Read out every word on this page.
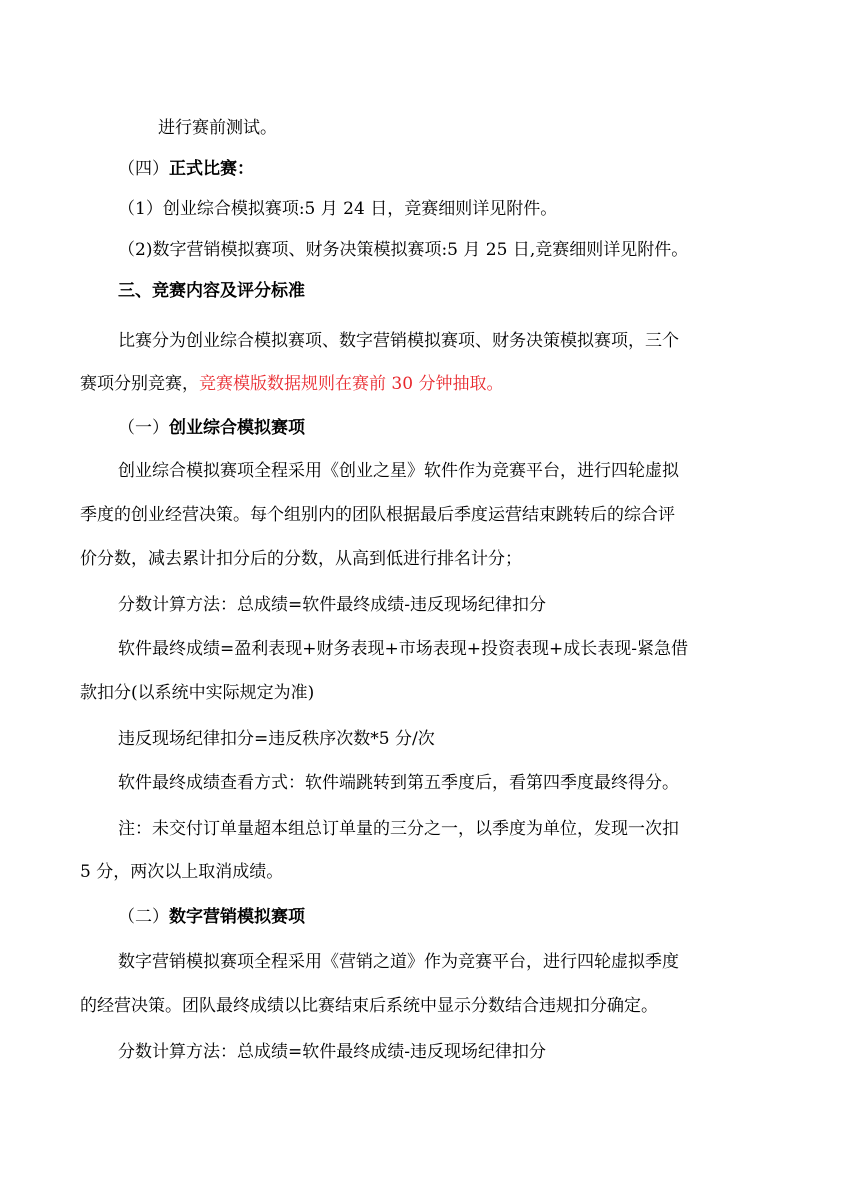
进行赛前测试。
（四）正式比赛：
（1）创业综合模拟赛项:5 月 24 日，竞赛细则详见附件。
（2)数字营销模拟赛项、财务决策模拟赛项:5 月 25 日,竞赛细则详见附件。
三、竞赛内容及评分标准
比赛分为创业综合模拟赛项、数字营销模拟赛项、财务决策模拟赛项，三个
赛项分别竞赛，竞赛模版数据规则在赛前 30 分钟抽取。
（一）创业综合模拟赛项
创业综合模拟赛项全程采用《创业之星》软件作为竞赛平台，进行四轮虚拟
季度的创业经营决策。每个组别内的团队根据最后季度运营结束跳转后的综合评
价分数，减去累计扣分后的分数，从高到低进行排名计分；
分数计算方法：总成绩=软件最终成绩-违反现场纪律扣分
软件最终成绩=盈利表现+财务表现+市场表现+投资表现+成长表现-紧急借
款扣分(以系统中实际规定为准)
违反现场纪律扣分=违反秩序次数*5 分/次
软件最终成绩查看方式：软件端跳转到第五季度后，看第四季度最终得分。
注：未交付订单量超本组总订单量的三分之一，以季度为单位，发现一次扣
5 分，两次以上取消成绩。
（二）数字营销模拟赛项
数字营销模拟赛项全程采用《营销之道》作为竞赛平台，进行四轮虚拟季度
的经营决策。团队最终成绩以比赛结束后系统中显示分数结合违规扣分确定。
分数计算方法：总成绩=软件最终成绩-违反现场纪律扣分
